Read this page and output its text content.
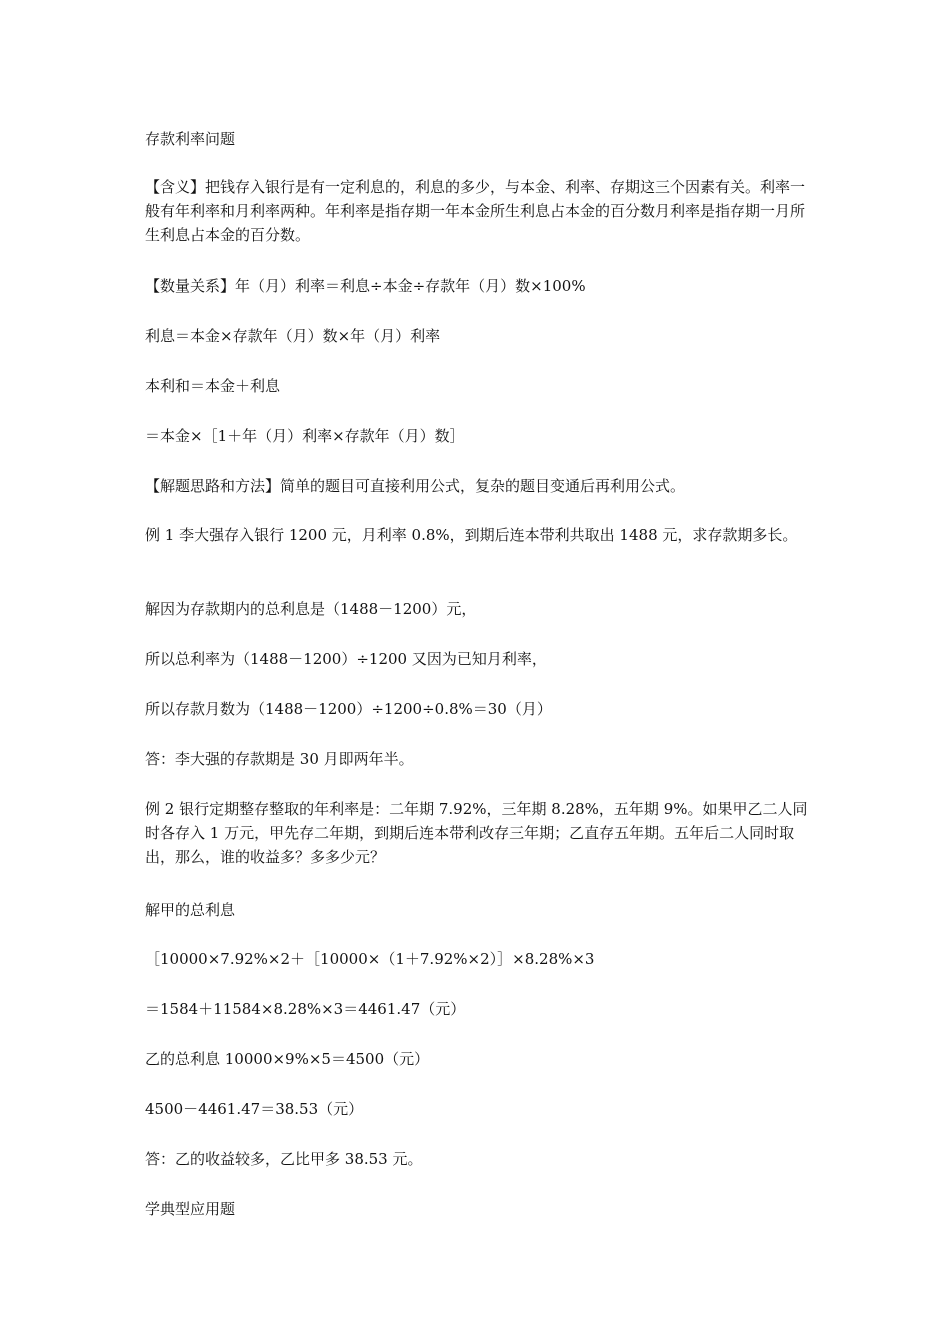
存款利率问题
【含义】把钱存入银行是有一定利息的，利息的多少，与本金、利率、存期这三个因素有关。利率一般有年利率和月利率两种。年利率是指存期一年本金所生利息占本金的百分数月利率是指存期一月所生利息占本金的百分数。
【数量关系】年（月）利率＝利息÷本金÷存款年（月）数×100%
利息＝本金×存款年（月）数×年（月）利率
本利和＝本金＋利息
＝本金×［1＋年（月）利率×存款年（月）数］
【解题思路和方法】简单的题目可直接利用公式，复杂的题目变通后再利用公式。
例 1 李大强存入银行 1200 元，月利率 0.8%，到期后连本带利共取出 1488 元，求存款期多长。
解因为存款期内的总利息是（1488－1200）元，
所以总利率为（1488－1200）÷1200 又因为已知月利率，
所以存款月数为（1488－1200）÷1200÷0.8%＝30（月）
答：李大强的存款期是 30 月即两年半。
例 2 银行定期整存整取的年利率是：二年期 7.92%，三年期 8.28%，五年期 9%。如果甲乙二人同时各存入 1 万元，甲先存二年期，到期后连本带利改存三年期；乙直存五年期。五年后二人同时取出，那么，谁的收益多？多多少元？
解甲的总利息
［10000×7.92%×2＋［10000×（1＋7.92%×2）］×8.28%×3
＝1584＋11584×8.28%×3＝4461.47（元）
乙的总利息 10000×9%×5＝4500（元）
4500－4461.47＝38.53（元）
答：乙的收益较多，乙比甲多 38.53 元。
学典型应用题
